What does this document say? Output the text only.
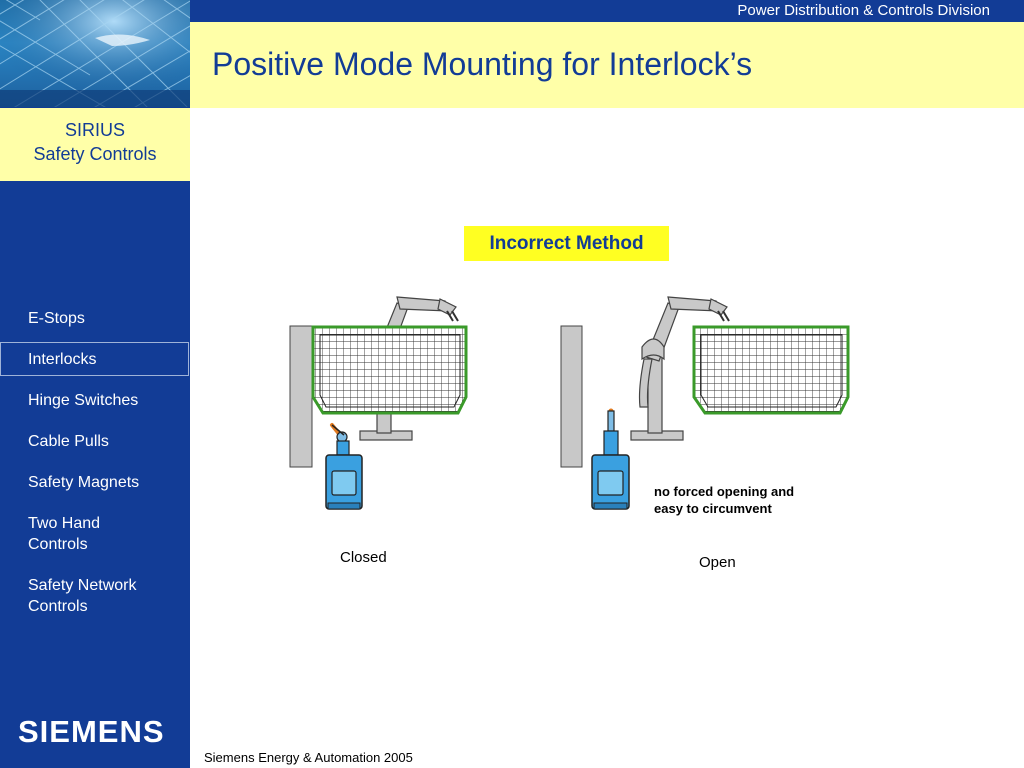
SIRIUS
Safety Controls
E-Stops
Interlocks
Hinge Switches
Cable Pulls
Safety Magnets
Two Hand Controls
Safety Network Controls
SIEMENS
Power Distribution & Controls Division
Positive Mode Mounting for Interlock’s
Incorrect Method
Closed	Open
no forced opening and easy to circumvent
Siemens Energy & Automation 2005
